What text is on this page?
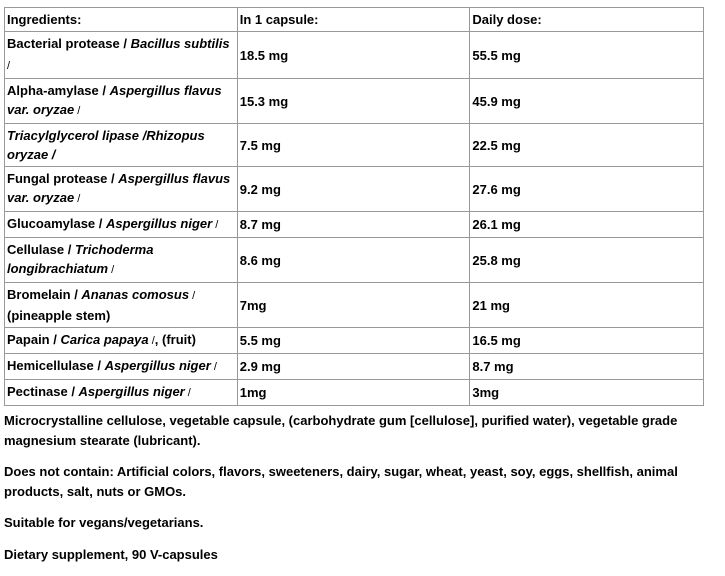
Ingredients:	In 1 capsule:	Daily dose:
Bacterial protease / Bacillus subtilis /	18.5 mg	55.5 mg
Alpha-amylase / Aspergillus flavus var. oryzae /	15.3 mg	45.9 mg
Triacylglycerol lipase /Rhizopus oryzae /	7.5 mg	22.5 mg
Fungal protease / Aspergillus flavus var. oryzae /	9.2 mg	27.6 mg
Glucoamylase / Aspergillus niger /	8.7 mg	26.1 mg
Cellulase / Trichoderma longibrachiatum /	8.6 mg	25.8 mg
Bromelain / Ananas comosus / (pineapple stem)	7mg	21 mg
Papain / Carica papaya /, (fruit)	5.5 mg	16.5 mg
Hemicellulase / Aspergillus niger /	2.9 mg	8.7 mg
Pectinase / Aspergillus niger /	1mg	3mg

Microcrystalline cellulose, vegetable capsule, (carbohydrate gum [cellulose], purified water), vegetable grade magnesium stearate (lubricant).

Does not contain: Artificial colors, flavors, sweeteners, dairy, sugar, wheat, yeast, soy, eggs, shellfish, animal products, salt, nuts or GMOs.

Suitable for vegans/vegetarians.

Dietary supplement, 90 V-capsules
